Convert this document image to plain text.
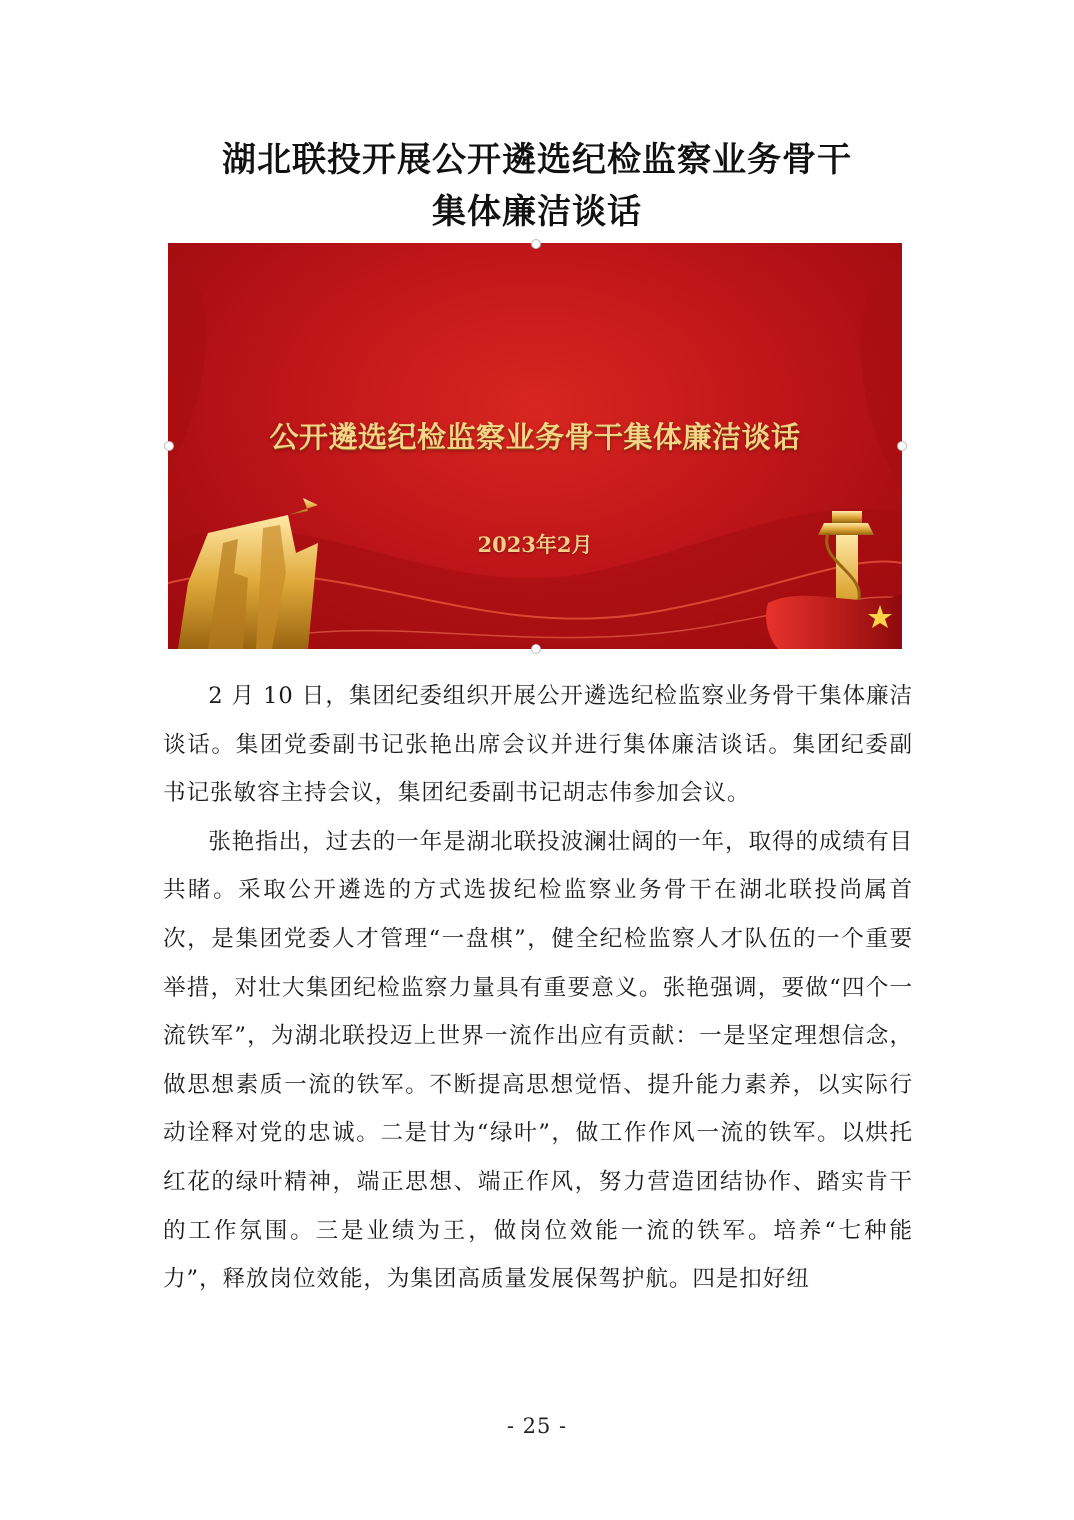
湖北联投开展公开遴选纪检监察业务骨干
集体廉洁谈话
公开遴选纪检监察业务骨干集体廉洁谈话
2023年2月

2 月 10 日，集团纪委组织开展公开遴选纪检监察业务骨干集体廉洁谈话。集团党委副书记张艳出席会议并进行集体廉洁谈话。集团纪委副书记张敏容主持会议，集团纪委副书记胡志伟参加会议。

张艳指出，过去的一年是湖北联投波澜壮阔的一年，取得的成绩有目共睹。采取公开遴选的方式选拔纪检监察业务骨干在湖北联投尚属首次，是集团党委人才管理“一盘棋”，健全纪检监察人才队伍的一个重要举措，对壮大集团纪检监察力量具有重要意义。张艳强调，要做“四个一流铁军”，为湖北联投迈上世界一流作出应有贡献：一是坚定理想信念，做思想素质一流的铁军。不断提高思想觉悟、提升能力素养，以实际行动诠释对党的忠诚。二是甘为“绿叶”，做工作作风一流的铁军。以烘托红花的绿叶精神，端正思想、端正作风，努力营造团结协作、踏实肯干的工作氛围。三是业绩为王，做岗位效能一流的铁军。培养“七种能力”，释放岗位效能，为集团高质量发展保驾护航。四是扣好纽

- 25 -
